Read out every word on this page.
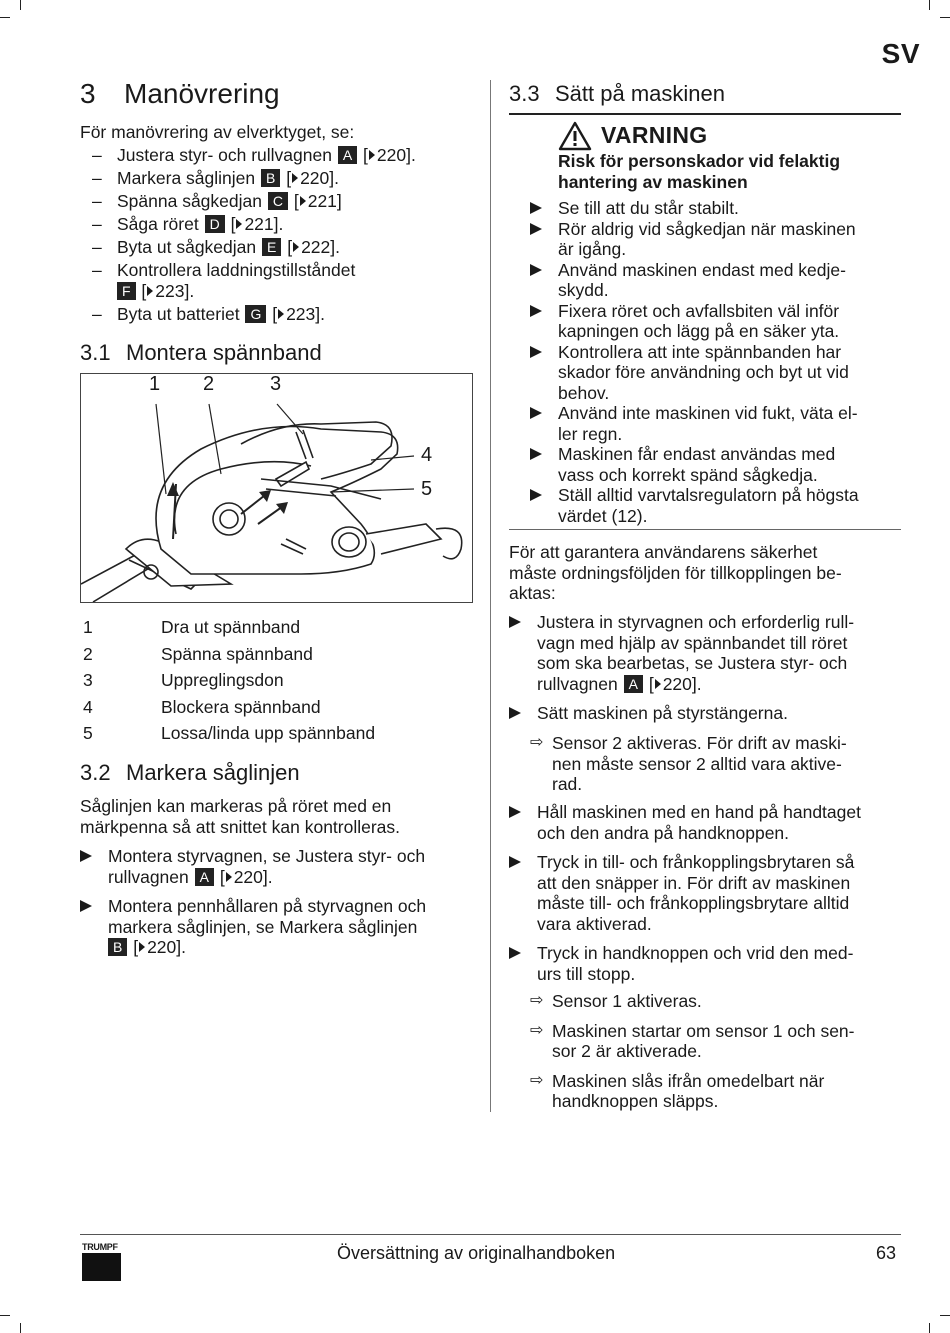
SV
3 Manövrering

För manövrering av elverktyget, se:

– Justera styr- och rullvagnen A [ 220].
– Markera såglinjen B [ 220].
– Spänna sågkedjan C [ 221]
– Såga röret D [ 221].
– Byta ut sågkedjan E [ 222].
– Kontrollera laddningstillståndet
F [ 223].
– Byta ut batteriet G [ 223].
3.1 Montera spännband
1 2	3
4
5
1	Dra ut spännband
2	Spänna spännband
3	Uppreglingsdon
4	Blockera spännband
5	Lossa/linda upp spännband
3.2 Markera såglinjen

Såglinjen kan markeras på röret med en
märkpenna så att snittet kan kontrolleras.

Montera styrvagnen, se Justera styr- och
rullvagnen A [ 220].
Montera pennhållaren på styrvagnen och
markera såglinjen, se Markera såglinjen
B [ 220].
3.3 Sätt på maskinen
VARNING
Risk för personskador vid felaktig
hantering av maskinen
Se till att du står stabilt.
Rör aldrig vid sågkedjan när maskinen
är igång.
Använd maskinen endast med kedje-
skydd.
Fixera röret och avfallsbiten väl inför
kapningen och lägg på en säker yta.
Kontrollera att inte spännbanden har
skador före användning och byt ut vid
behov.
Använd inte maskinen vid fukt, väta el-
ler regn.
Maskinen får endast användas med
vass och korrekt spänd sågkedja.
Ställ alltid varvtalsregulatorn på högsta
värdet (12).

För att garantera användarens säkerhet
måste ordningsföljden för tillkopplingen be-
aktas:

Justera in styrvagnen och erforderlig rull-
vagn med hjälp av spännbandet till röret
som ska bearbetas, se Justera styr- och
rullvagnen A [ 220].
Sätt maskinen på styrstängerna.
⇨ Sensor 2 aktiveras. För drift av maski-
nen måste sensor 2 alltid vara aktive-
rad.
Håll maskinen med en hand på handtaget
och den andra på handknoppen.
Tryck in till- och frånkopplingsbrytaren så
att den snäpper in. För drift av maskinen
måste till- och frånkopplingsbrytare alltid
vara aktiverad.
Tryck in handknoppen och vrid den med-
urs till stopp.
⇨ Sensor 1 aktiveras.
⇨ Maskinen startar om sensor 1 och sen-
sor 2 är aktiverade.
⇨ Maskinen slås ifrån omedelbart när
handknoppen släpps.
TRUMPF	Översättning av originalhandboken	63
